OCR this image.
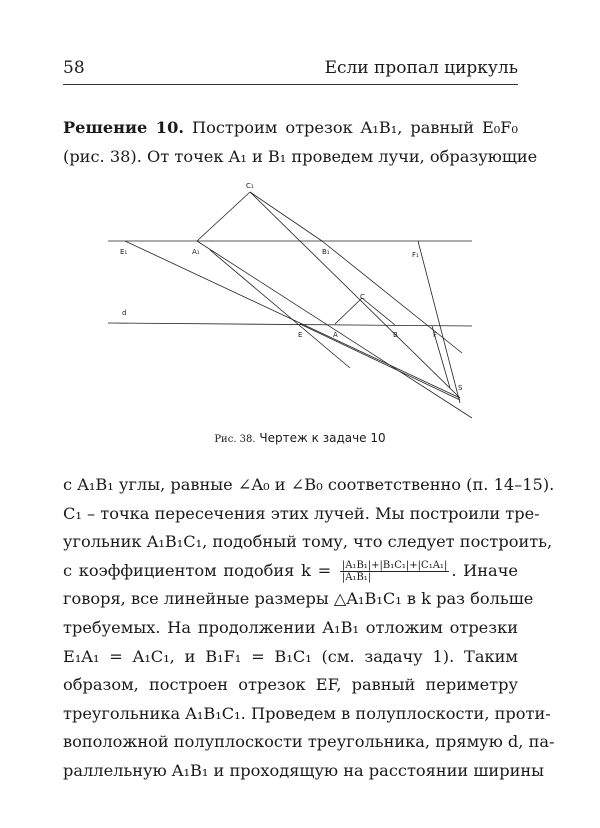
58	Если пропал циркуль
Решение 10. Построим отрезок A₁B₁, равный E₀F₀
(рис. 38). От точек A₁ и B₁ проведем лучи, образующие
C₁
E₁	A₁	B₁	F₁
d
C
E	A	B	F
S
Рис. 38. Чертеж к задаче 10
с A₁B₁ углы, равные ∠A₀ и ∠B₀ соответственно (п. 14–15).
C₁ – точка пересечения этих лучей. Мы построили тре-
угольник A₁B₁C₁, подобный тому, что следует построить,
с коэффициентом подобия $k = \frac{\text{|A₁B₁|+|B₁C₁|+|C₁A₁|}}{\text{|A₁B₁|}}$ . Иначе
говоря, все линейные размеры △A₁B₁C₁ в k раз больше
требуемых. На продолжении A₁B₁ отложим отрезки
E₁A₁ = A₁C₁, и B₁F₁ = B₁C₁ (см. задачу 1). Таким
образом, построен отрезок EF, равный периметру
треугольника A₁B₁C₁. Проведем в полуплоскости, проти-
воположной полуплоскости треугольника, прямую d, па-
раллельную A₁B₁ и проходящую на расстоянии ширины
